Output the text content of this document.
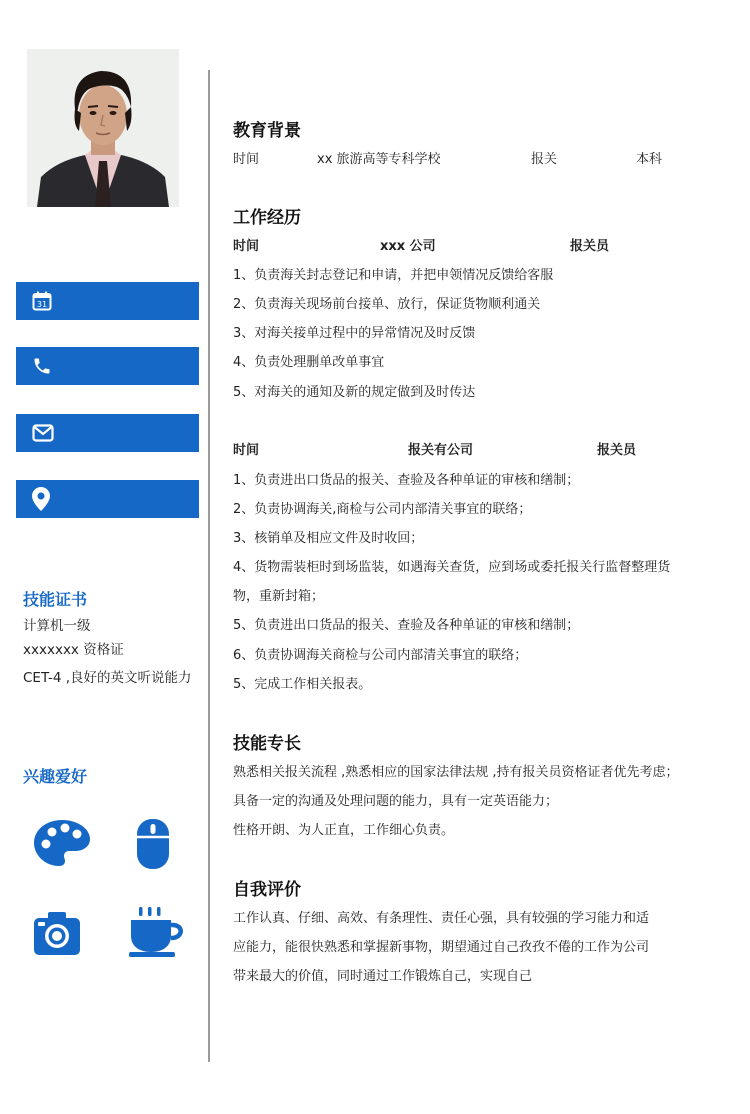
31
技能证书
计算机一级
xxxxxxx 资格证
CET-4 ,良好的英文听说能力
兴趣爱好
教育背景
时间	xx 旅游高等专科学校	报关	本科
工作经历
时间	xxx 公司	报关员
1、负责海关封志登记和申请，并把申领情况反馈给客服
2、负责海关现场前台接单、放行，保证货物顺利通关
3、对海关接单过程中的异常情况及时反馈
4、负责处理删单改单事宜
5、对海关的通知及新的规定做到及时传达
时间	报关有公司	报关员
1、负责进出口货品的报关、查验及各种单证的审核和缮制；
2、负责协调海关,商检与公司内部清关事宜的联络；
3、核销单及相应文件及时收回；
4、货物需装柜时到场监装，如遇海关查货，应到场或委托报关行监督整理货
物，重新封箱；
5、负责进出口货品的报关、查验及各种单证的审核和缮制；
6、负责协调海关商检与公司内部清关事宜的联络；
5、完成工作相关报表。
技能专长
熟悉相关报关流程 ,熟悉相应的国家法律法规 ,持有报关员资格证者优先考虑；
具备一定的沟通及处理问题的能力，具有一定英语能力；
性格开朗、为人正直，工作细心负责。
自我评价
工作认真、仔细、高效、有条理性、责任心强，具有较强的学习能力和适
应能力，能很快熟悉和掌握新事物，期望通过自己孜孜不倦的工作为公司
带来最大的价值，同时通过工作锻炼自己，实现自己
